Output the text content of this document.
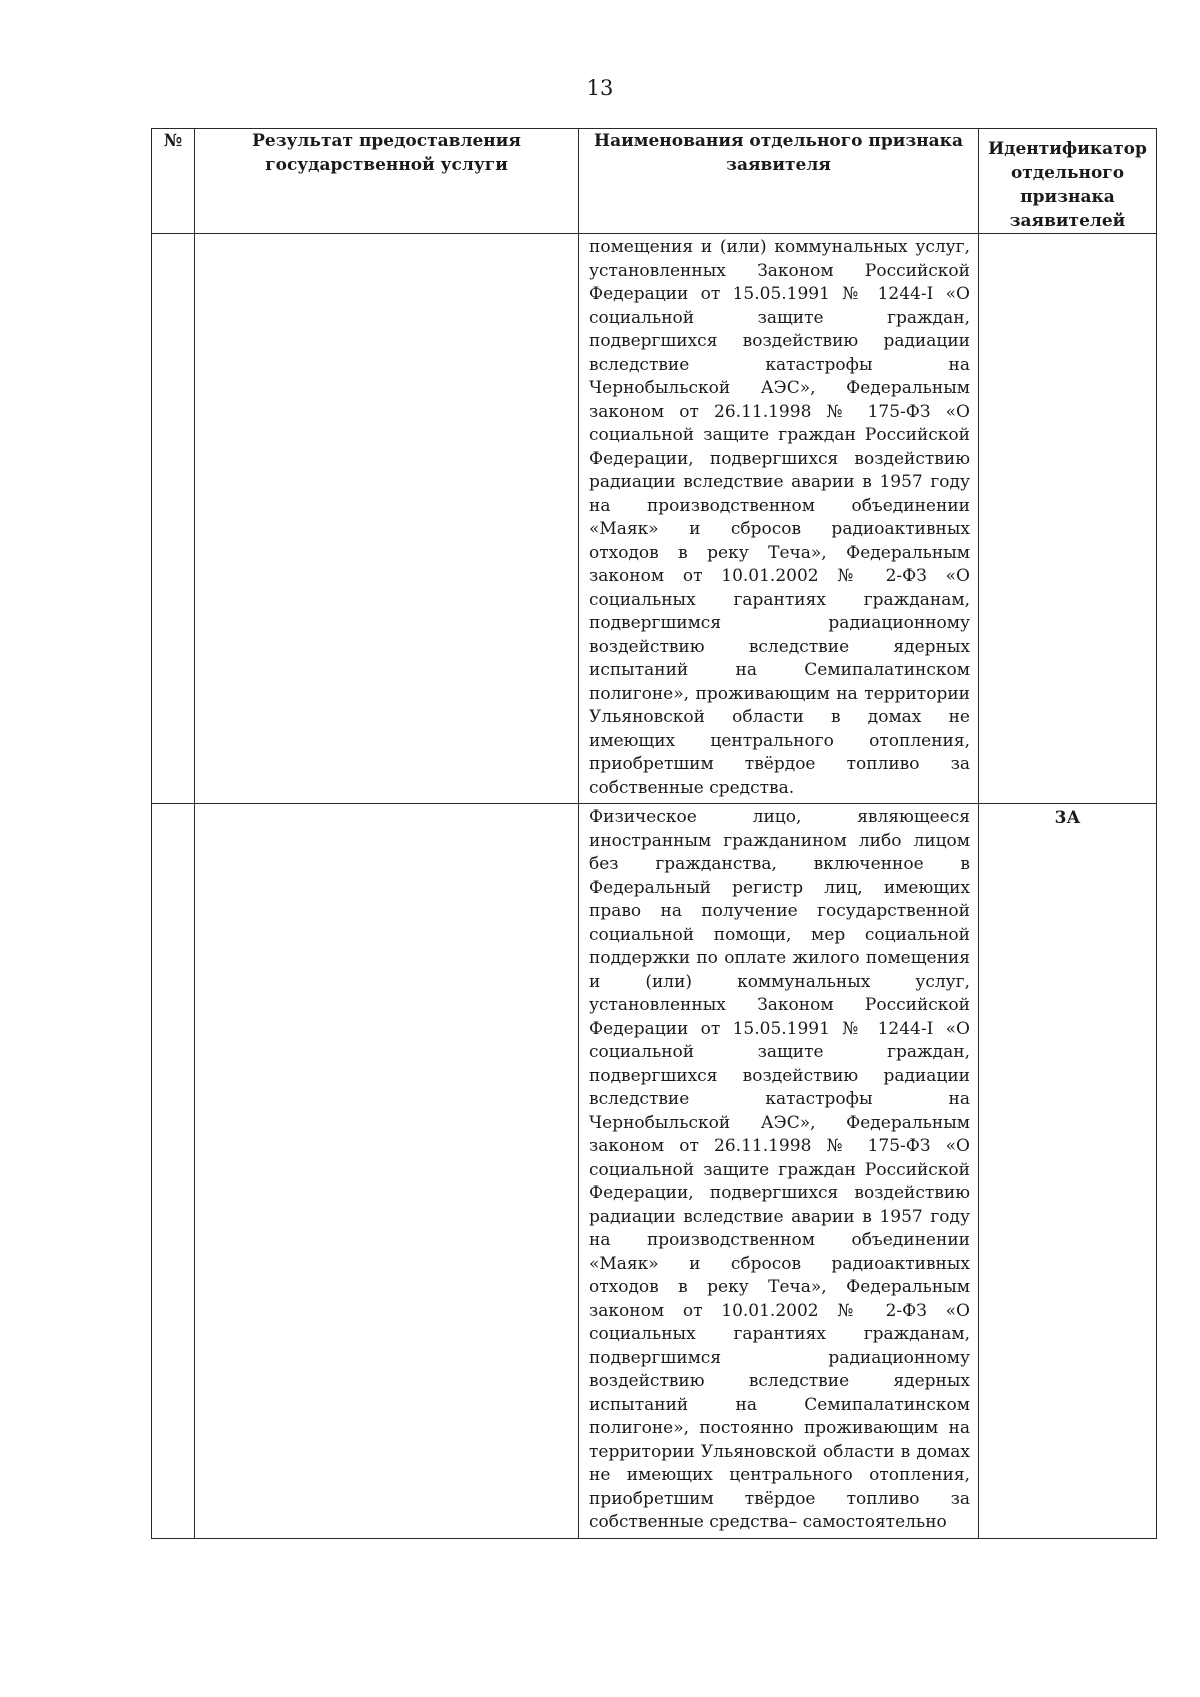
13
№	Результат предоставления государственной услуги	Наименования отдельного признака заявителя	Идентификатор отдельного признака заявителей

		помещения и (или) коммунальных услуг, установленных Законом Российской Федерации от 15.05.1991 № 1244-I «О социальной защите граждан, подвергшихся воздействию радиации вследствие катастрофы на Чернобыльской АЭС», Федеральным законом от 26.11.1998 № 175-ФЗ «О социальной защите граждан Российской Федерации, подвергшихся воздействию радиации вследствие аварии в 1957 году на производственном объединении «Маяк» и сбросов радиоактивных отходов в реку Теча», Федеральным законом от 10.01.2002 № 2-ФЗ «О социальных гарантиях гражданам, подвергшимся радиационному воздействию вследствие ядерных испытаний на Семипалатинском полигоне», проживающим на территории Ульяновской области в домах не имеющих центрального отопления, приобретшим твёрдое топливо за собственные средства.	

		Физическое лицо, являющееся иностранным гражданином либо лицом без гражданства, включенное в Федеральный регистр лиц, имеющих право на получение государственной социальной помощи, мер социальной поддержки по оплате жилого помещения и (или) коммунальных услуг, установленных Законом Российской Федерации от 15.05.1991 № 1244-I «О социальной защите граждан, подвергшихся воздействию радиации вследствие катастрофы на Чернобыльской АЭС», Федеральным законом от 26.11.1998 № 175-ФЗ «О социальной защите граждан Российской Федерации, подвергшихся воздействию радиации вследствие аварии в 1957 году на производственном объединении «Маяк» и сбросов радиоактивных отходов в реку Теча», Федеральным законом от 10.01.2002 № 2-ФЗ «О социальных гарантиях гражданам, подвергшимся радиационному воздействию вследствие ядерных испытаний на Семипалатинском полигоне», постоянно проживающим на территории Ульяновской области в домах не имеющих центрального отопления, приобретшим твёрдое топливо за собственные средства– самостоятельно	3А
